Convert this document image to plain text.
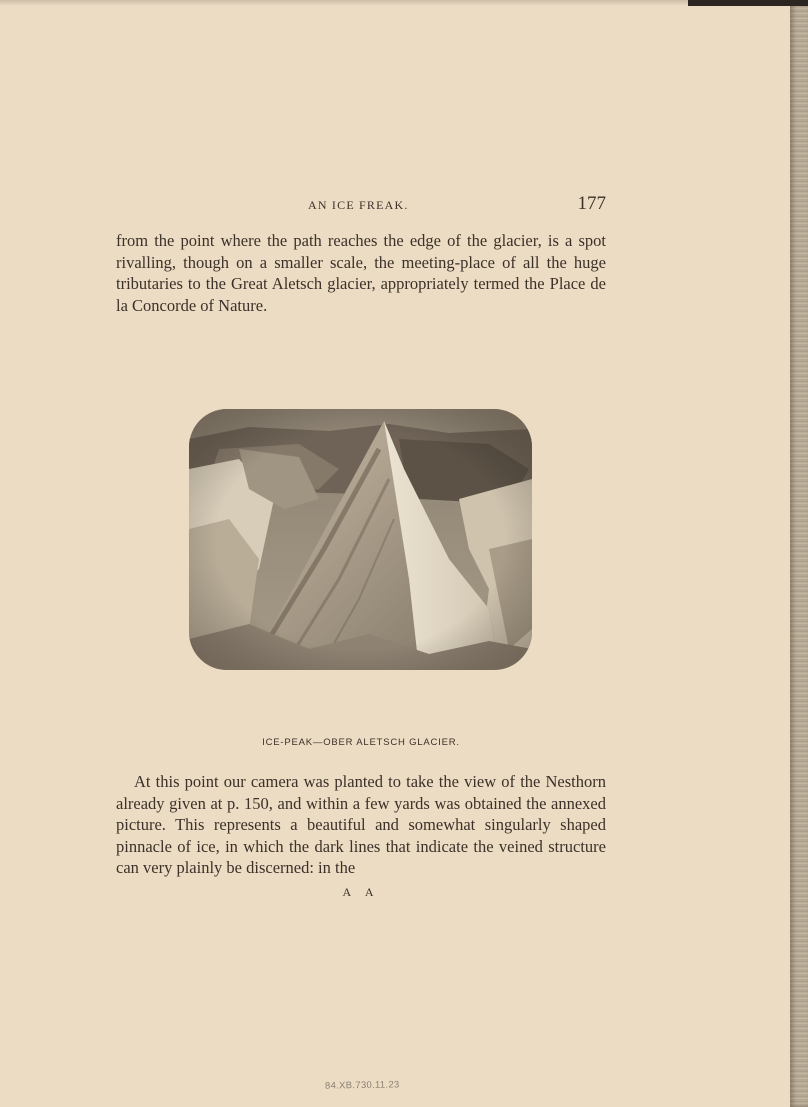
AN ICE FREAK.	177
from the point where the path reaches the edge of the glacier, is a spot rivalling, though on a smaller scale, the meeting-place of all the huge tributaries to the Great Aletsch glacier, appropriately termed the Place de la Concorde of Nature.
ICE-PEAK—OBER ALETSCH GLACIER.
At this point our camera was planted to take the view of the Nesthorn already given at p. 150, and within a few yards was obtained the annexed picture. This represents a beautiful and somewhat singularly shaped pinnacle of ice, in which the dark lines that indicate the veined structure can very plainly be discerned: in the
A A
84.XB.730.11.23
